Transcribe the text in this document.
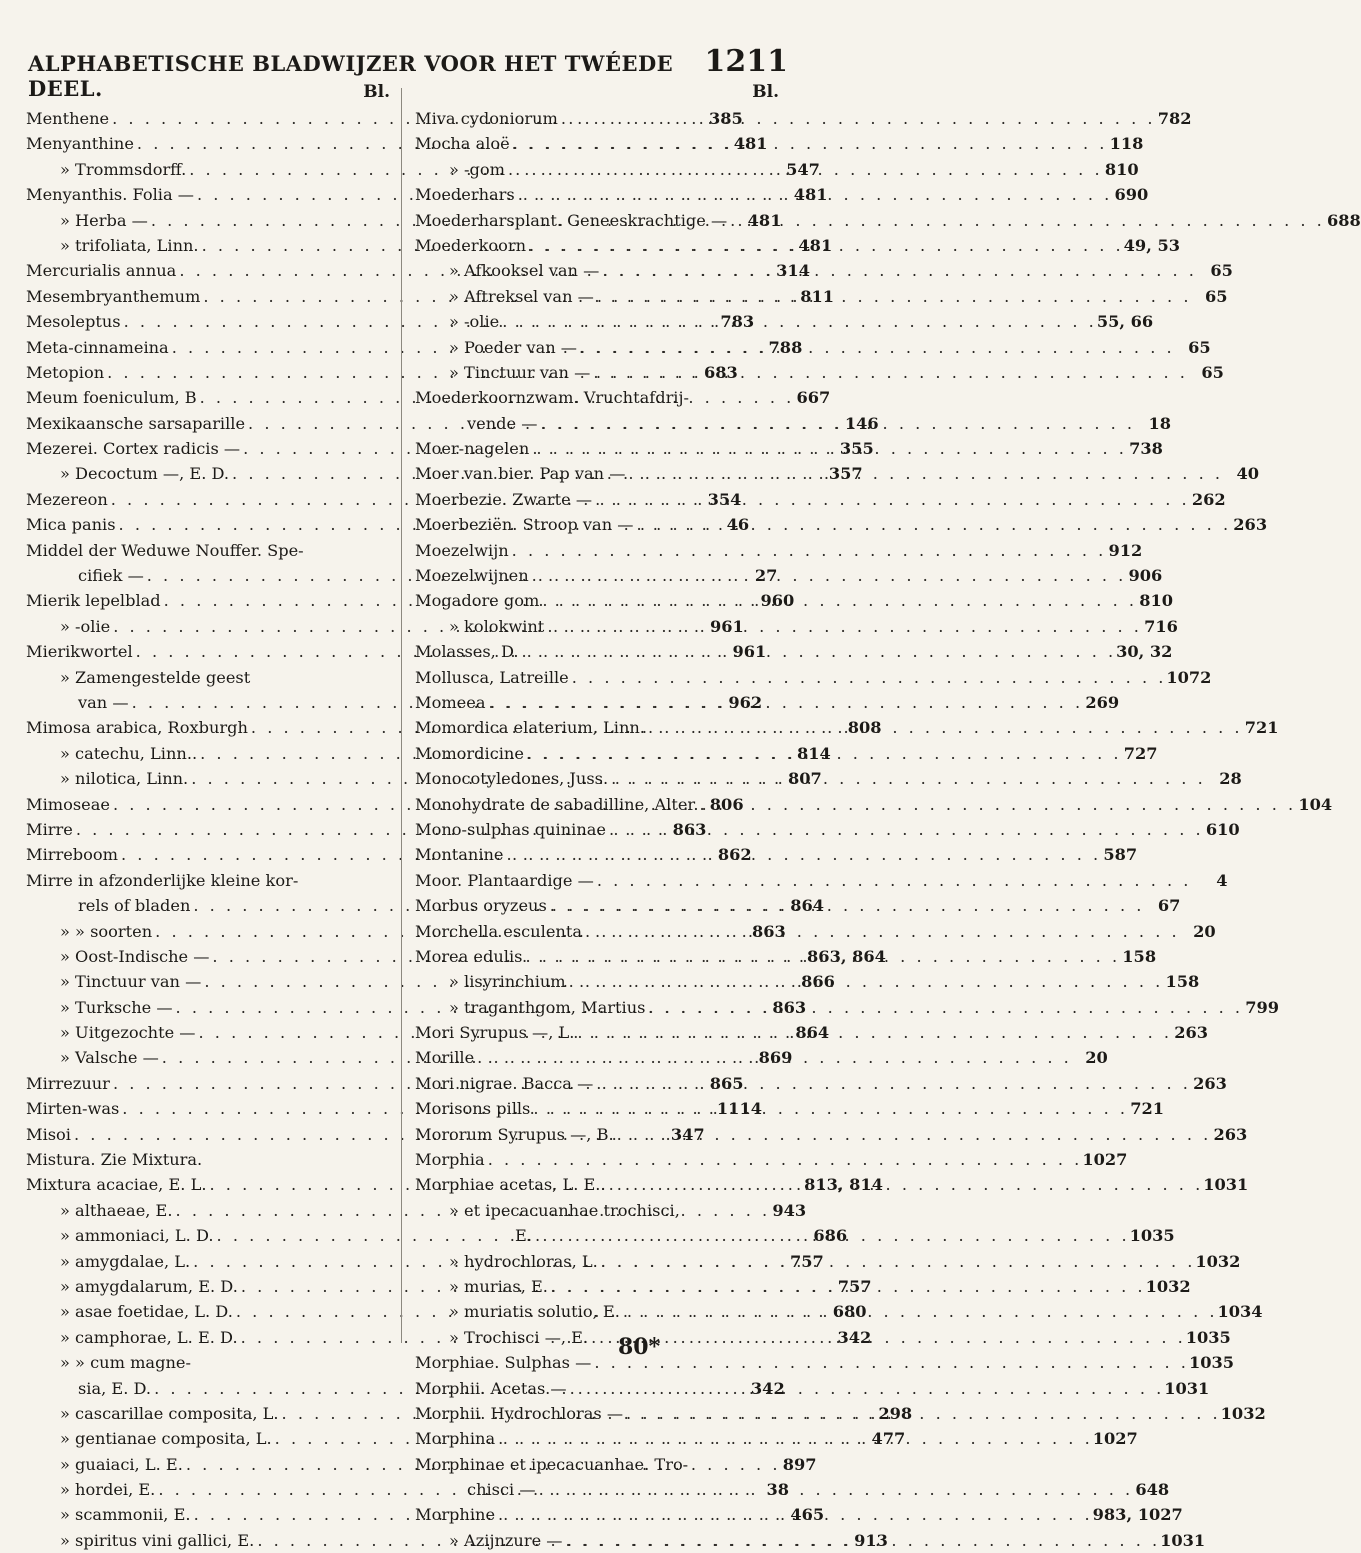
ALPHABETISCHE BLADWIJZER VOOR HET TWÉEDE DEEL.
1211
Bl.
Menthene . . .	385
Menyanthine . . .	481
» Trommsdorff. . . .	547
Menyanthis. Folia — . . .	481
» Herba — . . .	481
» trifoliata, Linn. . . .	481
Mercurialis annua . . .	314
Mesembryanthemum . . .	811
Mesoleptus . . .	783
Meta-cinnameina . . .	788
Metopion . . .	683
Meum foeniculum, B . . .	667
Mexikaansche sarsaparille . . .	146
Mezerei. Cortex radicis — . . .	355
» Decoctum —, E. D. . . .	357
Mezereon . . .	354
Mica panis . . .	46
Middel der Weduwe Nouffer. Spe-
cifiek — . . .	27
Mierik lepelblad . . .	960
» -olie . . .	961
Mierikwortel . . .	961
» Zamengestelde geest
van — . . .	962
Mimosa arabica, Roxburgh . . .	808
» catechu, Linn.. . . .	814
» nilotica, Linn. . . .	807
Mimoseae . . .	806
Mirre . . .	863
Mirreboom . . .	862
Mirre in afzonderlijke kleine kor-
rels of bladen . . .	864
» » soorten . . .	863
» Oost-Indische — . . .	863, 864
» Tinctuur van — . . .	866
» Turksche — . . .	863
» Uitgezochte — . . .	864
» Valsche — . . .	869
Mirrezuur . . .	865
Mirten-was . . .	1114
Misoi . . .	347
Mistura. Zie Mixtura.
Mixtura acaciae, E. L. . . .	813, 814
» althaeae, E. . . .	943
» ammoniaci, L. D. . . .	686
» amygdalae, L. . . .	757
» amygdalarum, E. D. . . .	757
» asae foetidae, L. D. . . .	680
» camphorae, L. E. D. . . .	342
» » cum magne-
sia, E. D. . . .	342
» cascarillae composita, L. . . .	298
» gentianae composita, L. . . .	477
» guaiaci, L. E. . . .	897
» hordei, E. . . .	38
» scammonii, E. . . .	465
» spiritus vini gallici, E. . . .	913
Bl.
Miva cydoniorum . . .	782
Mocha aloë . . .	118
» -gom . . .	810
Moederhars . . .	690
Moederharsplant. Geneeskrachtige — . . .	688
Moederkoorn . . .	49, 53
» Afkooksel van — . . .	65
» Aftreksel van — . . .	65
» -olie . . .	55, 66
» Poeder van — . . .	65
» Tinctuur van — . . .	65
Moederkoornzwam. Vruchtafdrij-
vende — . . .	18
Moer-nagelen . . .	738
Moer van bier. Pap van — . . .	40
Moerbezie. Zwarte — . . .	262
Moerbeziën. Stroop van — . . .	263
Moezelwijn . . .	912
Moezelwijnen . . .	906
Mogadore gom . . .	810
» kolokwint . . .	716
Molasses, D. . . .	30, 32
Mollusca, Latreille . . .	1072
Momeea . . .	269
Momordica elaterium, Linn. . . .	721
Momordicine . . .	727
Monocotyledones, Juss. . . .	28
Monohydrate de sabadilline, Alter. . . .	104
Mono-sulphas quininae . . .	610
Montanine . . .	587
Moor. Plantaardige — . . .	4
Morbus oryzeus . . .	67
Morchella esculenta . . .	20
Morea edulis . . .	158
» lisyrinchium . . .	158
» traganthgom, Martius . . .	799
Mori Syrupus —, L. . . .	263
Morille . . .	20
Mori nigrae. Bacca — . . .	263
Morisons pills . . .	721
Mororum Syrupus —, B. . . .	263
Morphia . . .	1027
Morphiae acetas, L. E.. . . .	1031
» et ipecacuanhae trochisci,
E. . . .	1035
» hydrochloras, L. . . .	1032
» murias, E. . . .	1032
» muriatis solutio, E. . . .	1034
» Trochisci —, E. . . .	1035
Morphiae. Sulphas — . . .	1035
Morphii. Acetas — . . .	1031
Morphii. Hydrochloras — . . .	1032
Morphina . . .	1027
Morphinae et ipecacuanhae. Tro-
chisci — . . .	648
Morphine . . .	983, 1027
» Azijnzure — . . .	1031
80*
